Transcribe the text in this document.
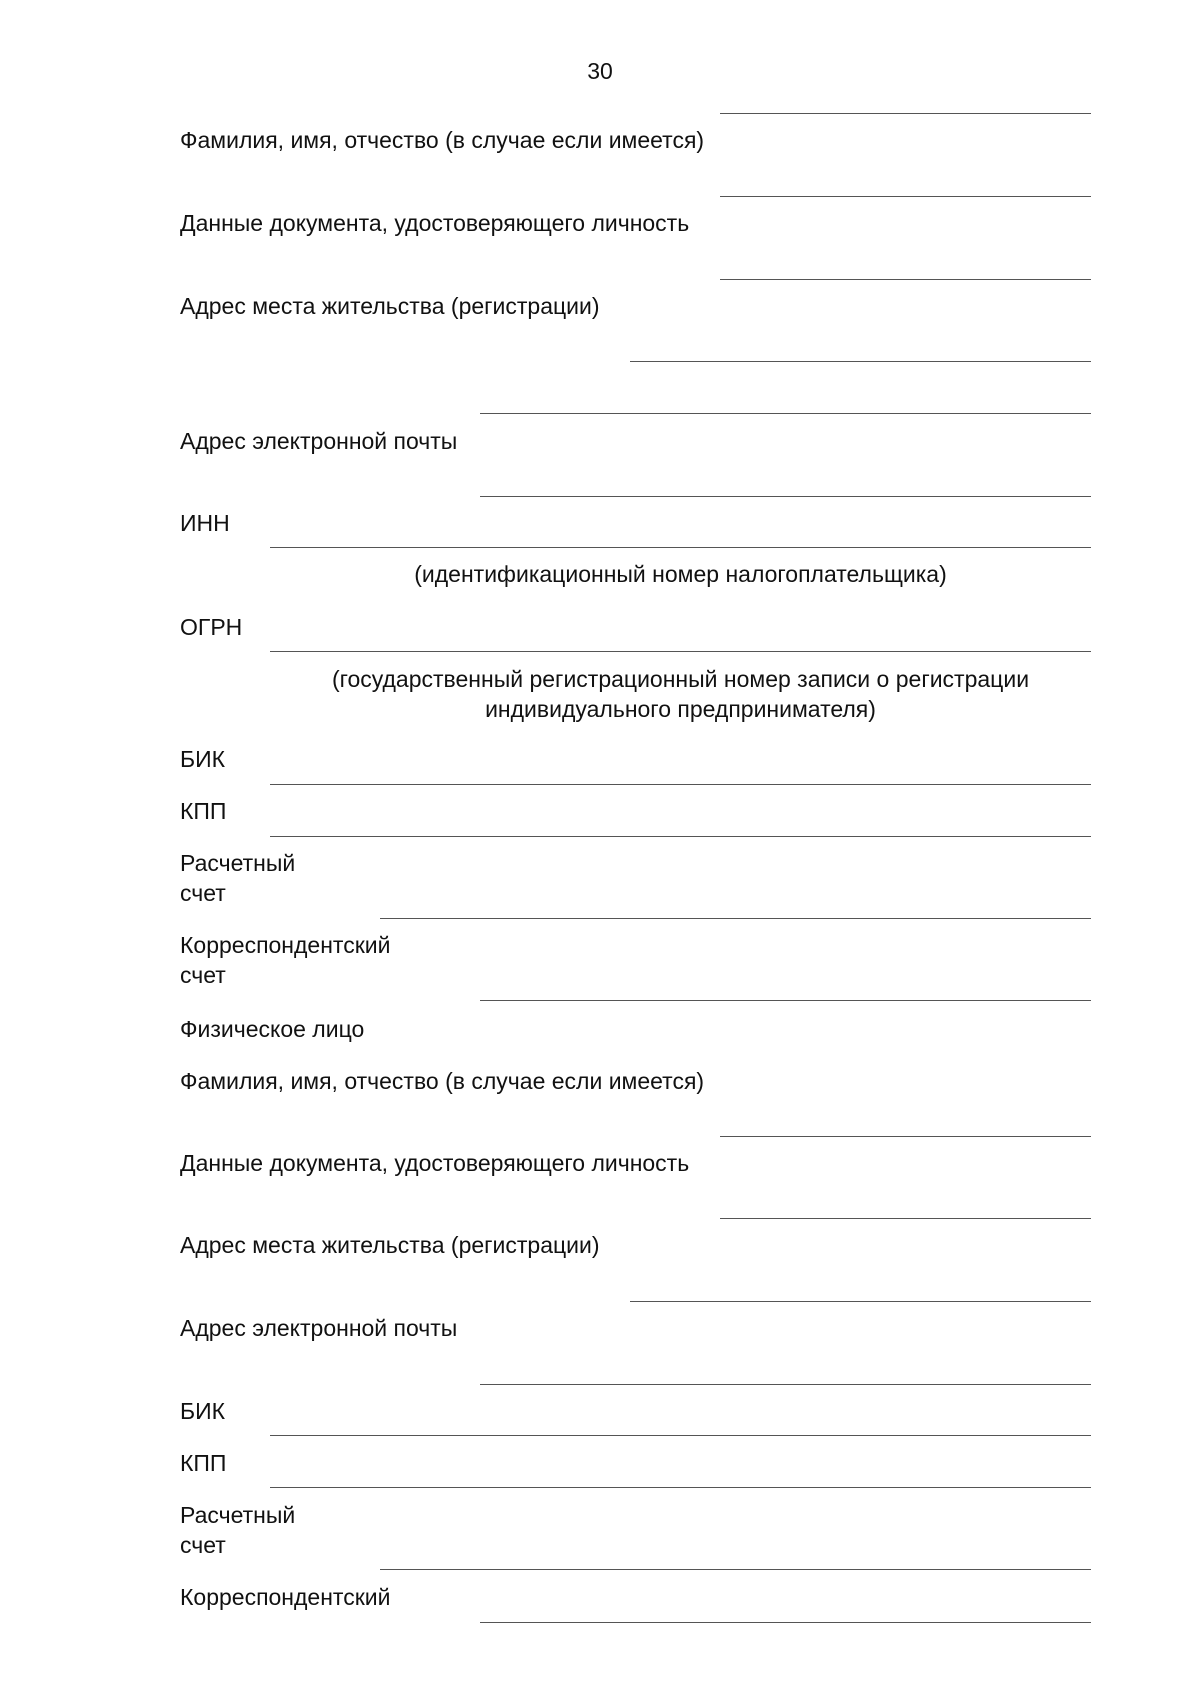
30
Фамилия, имя, отчество (в случае если имеется)
Данные документа, удостоверяющего личность
Адрес места жительства (регистрации)
Адрес электронной почты
ИНН
(идентификационный номер налогоплательщика)
ОГРН
(государственный регистрационный номер записи о регистрации индивидуального предпринимателя)
БИК
КПП
Расчетный счет
Корреспондентский счет
Физическое лицо
Фамилия, имя, отчество (в случае если имеется)
Данные документа, удостоверяющего личность
Адрес места жительства (регистрации)
Адрес электронной почты
БИК
КПП
Расчетный счет
Корреспондентский
